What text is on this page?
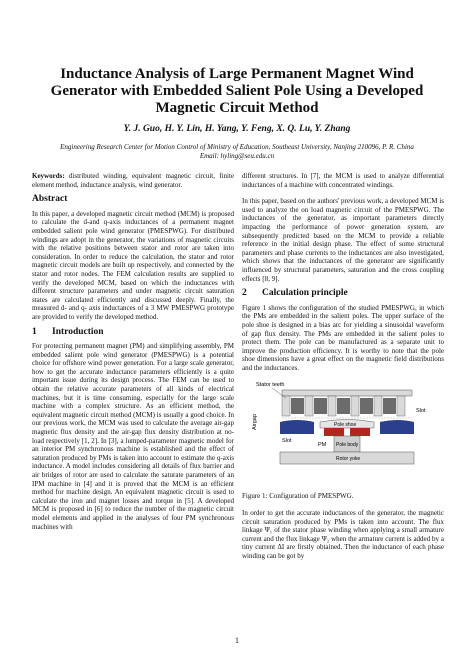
Inductance Analysis of Large Permanent Magnet Wind Generator with Embedded Salient Pole Using a Developed Magnetic Circuit Method
Y. J. Guo, H. Y. Lin, H. Yang, Y. Feng, X. Q. Lu, Y. Zhang
Engineering Research Center for Motion Control of Ministry of Education, Southeast University, Nanjing 210096, P. R. China
Email: hyling@seu.edu.cn

Keywords: distributed winding, equivalent magnetic circuit, finite element method, inductance analysis, wind generator.

Abstract

In this paper, a developed magnetic circuit method (MCM) is proposed to calculate the d-and q-axis inductances of a permanent magnet embedded salient pole wind generator (PMESPWG). For distributed windings are adopt in the generator, the variations of magnetic circuits with the relative positions between stator and rotor are taken into consideration. In order to reduce the calculation, the stator and rotor magnetic circuit models are built up respectively, and connected by the stator and rotor nodes. The FEM calculation results are supplied to verify the developed MCM, based on which the inductances with different structure parameters and under magnetic circuit saturation states are calculated efficiently and discussed deeply. Finally, the measured d- and q- axis inductances of a 3 MW PMESPWG prototype are provided to verify the developed method.

1 Introduction

For protecting permanent magnet (PM) and simplifying assembly, PM embedded salient pole wind generator (PMESPWG) is a potential choice for offshore wind power generation. For a large scale generator, how to get the accurate inductance parameters efficiently is a quite important issue during its design process. The FEM can be used to obtain the relative accurate parameters of all kinds of electrical machines, but it is time consuming, especially for the large scale machine with a complex structure. As an efficient method, the equivalent magnetic circuit method (MCM) is usually a good choice. In our previous work, the MCM was used to calculate the average air-gap magnetic flux density and the air-gap flux density distribution at no-load respectively [1, 2]. In [3], a lumped-parameter magnetic model for an interior PM synchronous machine is established and the effect of saturation produced by PMs is taken into account to estimate the q-axis inductance. A model includes considering all details of flux barrier and air bridges of rotor are used to calculate the saturate parameters of an IPM machine in [4] and it is proved that the MCM is an efficient method for machine design. An equivalent magnetic circuit is used to calculate the iron and magnet losses and torque in [5]. A developed MCM is proposed in [6] to reduce the number of the magnetic circuit model elements and applied in the analyses of four PM synchronous machines with

different structures. In [7], the MCM is used to analyze differential inductances of a machine with concentrated windings.

In this paper, based on the authors' previous work, a developed MCM is used to analyze the on load magnetic circuit of the PMESPWG. The inductances of the generator, as important parameters directly impacting the performance of power generation system, are subsequently predicted based on the MCM to provide a reliable reference in the initial design phase. The effect of some structural parameters and phase currents to the inductances are also investigated, which shows that the inductances of the generator are significantly influenced by structural parameters, saturation and the cross coupling effects [8, 9].

2 Calculation principle

Figure 1 shows the configuration of the studied PMESPWG, in which the PMs are embedded in the salient poles. The upper surface of the pole shoe is designed in a bias arc for yielding a sinusoidal waveform of gap flux density. The PMs are embedded in the salient poles to protect them. The pole can be manufactured as a separate unit to improve the production efficiency. It is worthy to note that the pole shoe dimensions have a great effect on the magnetic field distributions and the inductances.

Stator teeth
Airgap
Slot
Slot
Pole shoe
PM Pole body
Rotor yoke
Figure 1: Configuration of PMESPWG.

In order to get the accurate inductances of the generator, the magnetic circuit saturation produced by PMs is taken into account. The flux linkage Ψ₁ of the stator phase winding when applying a small armature current and the flux linkage Ψ₂ when the armature current is added by a tiny current ΔI are firstly obtained. Then the inductance of each phase winding can be got by

1
